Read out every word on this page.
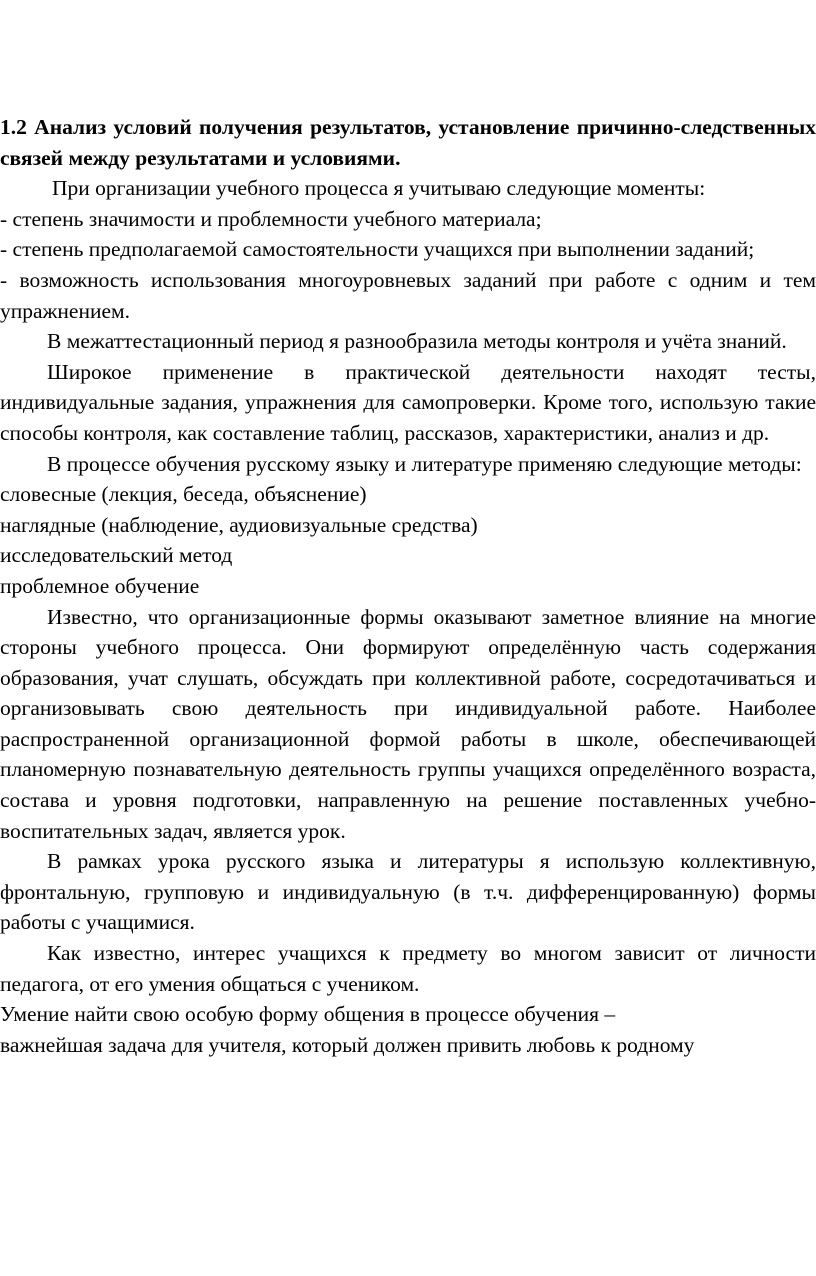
1.2 Анализ условий получения результатов, установление причинно-следственных связей между результатами и условиями.

При организации учебного процесса я учитываю следующие моменты:

- степень значимости и проблемности учебного материала;

- степень предполагаемой самостоятельности учащихся при выполнении заданий;

- возможность использования многоуровневых заданий при работе с одним и тем упражнением.

В межаттестационный период я разнообразила методы контроля и учёта знаний.

Широкое применение в практической деятельности находят тесты, индивидуальные задания, упражнения для самопроверки. Кроме того, использую такие способы контроля, как составление таблиц, рассказов, характеристики, анализ и др.

В процессе обучения русскому языку и литературе применяю следующие методы:

словесные (лекция, беседа, объяснение)

наглядные (наблюдение, аудиовизуальные средства)

исследовательский метод

проблемное обучение

Известно, что организационные формы оказывают заметное влияние на многие стороны учебного процесса. Они формируют определённую часть содержания образования, учат слушать, обсуждать при коллективной работе, сосредотачиваться и организовывать свою деятельность при индивидуальной работе. Наиболее распространенной организационной формой работы в школе, обеспечивающей планомерную познавательную деятельность группы учащихся определённого возраста, состава и уровня подготовки, направленную на решение поставленных учебно-воспитательных задач, является урок.

В рамках урока русского языка и литературы я использую коллективную, фронтальную, групповую и индивидуальную (в т.ч. дифференцированную) формы работы с учащимися.

Как известно, интерес учащихся к предмету во многом зависит от личности педагога, от его умения общаться с учеником.

Умение найти свою особую форму общения в процессе обучения –

важнейшая задача для учителя, который должен привить любовь к родному
